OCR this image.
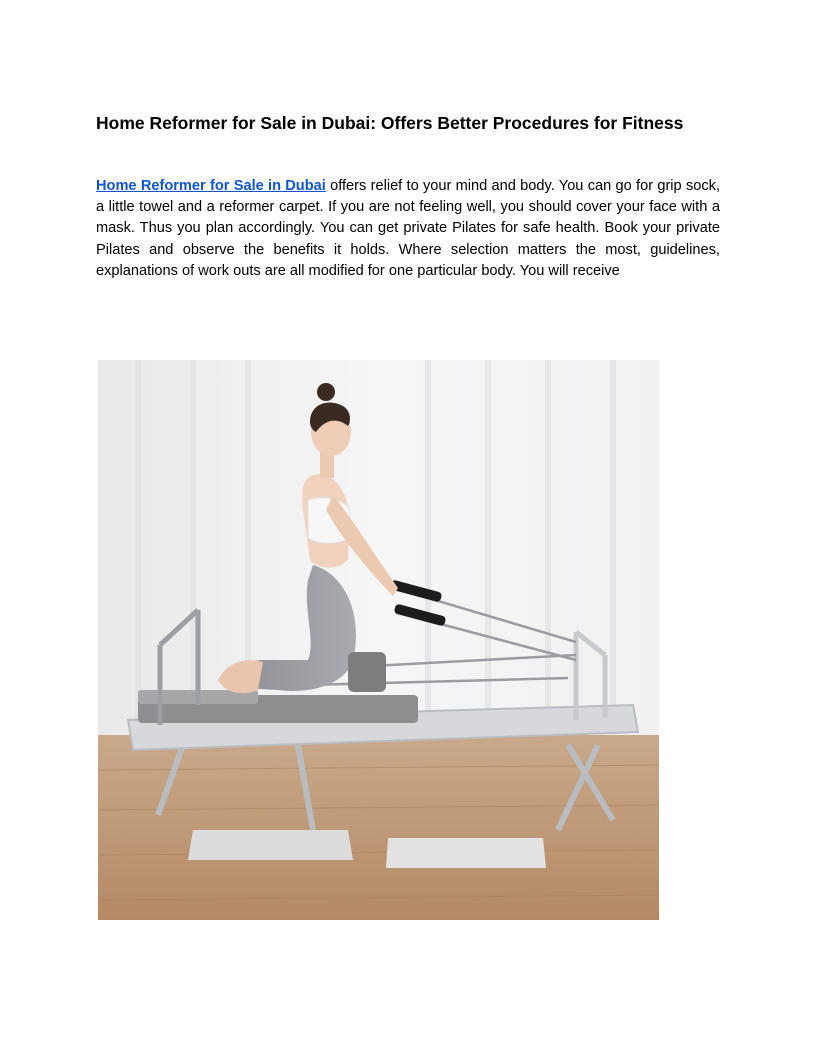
Home Reformer for Sale in Dubai: Offers Better Procedures for Fitness

Home Reformer for Sale in Dubai offers relief to your mind and body. You can go for grip sock, a little towel and a reformer carpet. If you are not feeling well, you should cover your face with a mask. Thus you plan accordingly. You can get private Pilates for safe health. Book your private Pilates and observe the benefits it holds. Where selection matters the most, guidelines, explanations of work outs are all modified for one particular body. You will receive
